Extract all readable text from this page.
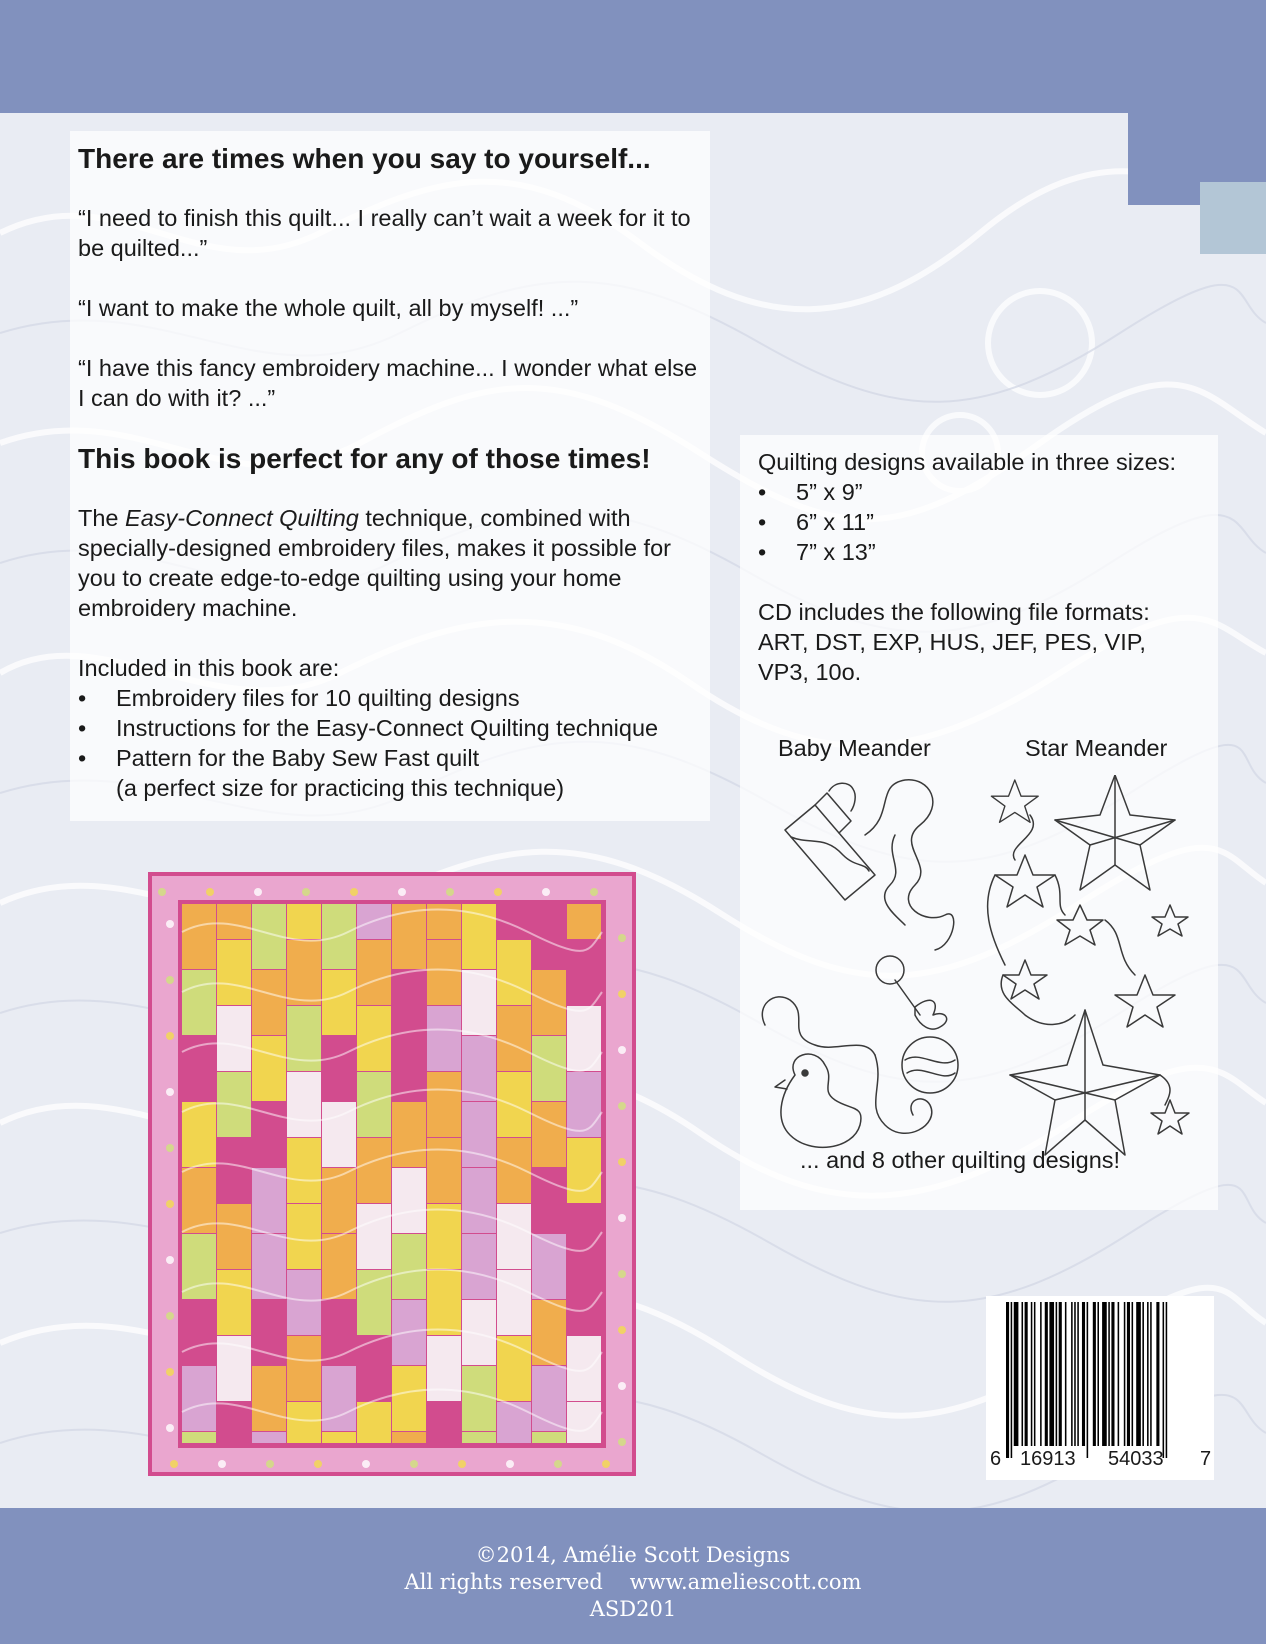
There are times when you say to yourself...

“I need to finish this quilt... I really can’t wait a week for it to be quilted...”

“I want to make the whole quilt, all by myself! ...”

“I have this fancy embroidery machine... I wonder what else I can do with it? ...”

This book is perfect for any of those times!

The Easy-Connect Quilting technique, combined with specially-designed embroidery files, makes it possible for you to create edge-to-edge quilting using your home embroidery machine.

Included in this book are:

• Embroidery files for 10 quilting designs
• Instructions for the Easy-Connect Quilting technique
• Pattern for the Baby Sew Fast quilt
(a perfect size for practicing this technique)

Quilting designs available in three sizes:

• 5” x 9”
• 6” x 11”
• 7” x 13”

CD includes the following file formats:

ART, DST, EXP, HUS, JEF, PES, VIP, VP3, 10o.

Baby Meander	Star Meander
... and 8 other quilting designs!
6 16913 54033 7

©2014, Amélie Scott Designs

All rights reserved    www.ameliescott.com

ASD201
